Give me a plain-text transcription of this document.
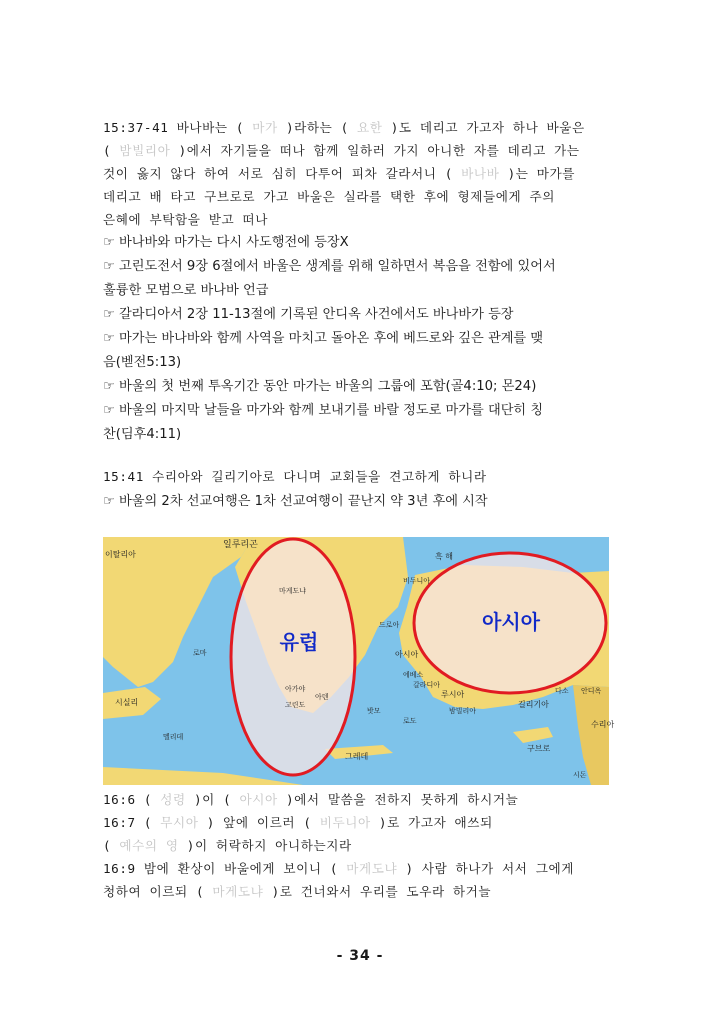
15:37-41 바나바는 ( 마가 )라하는 ( 요한 )도 데리고 가고자 하나 바울은
( 밤빌리아 )에서 자기들을 떠나 함께 일하러 가지 아니한 자를 데리고 가는
것이 옳지 않다 하여 서로 심히 다투어 피차 갈라서니 ( 바나바 )는 마가를
데리고 배 타고 구브로로 가고 바울은 실라를 택한 후에 형제들에게 주의
은혜에 부탁함을 받고 떠나
☞ 바나바와 마가는 다시 사도행전에 등장X
☞ 고린도전서 9장 6절에서 바울은 생계를 위해 일하면서 복음을 전함에 있어서
훌륭한 모범으로 바나바 언급
☞ 갈라디아서 2장 11-13절에 기록된 안디옥 사건에서도 바나바가 등장
☞ 마가는 바나바와 함께 사역을 마치고 돌아온 후에 베드로와 깊은 관계를 맺
음(벧전5:13)
☞ 바울의 첫 번째 투옥기간 동안 마가는 바울의 그룹에 포함(골4:10; 몬24)
☞ 바울의 마지막 날들을 마가와 함께 보내기를 바랄 정도로 마가를 대단히 칭
찬(딤후4:11)
15:41 수리아와 길리기아로 다니며 교회들을 견고하게 하니라
☞ 바울의 2차 선교여행은 1차 선교여행이 끝난지 약 3년 후에 시작
유럽
아시아
일루리곤
이탈리아	흑 해
비두니아
드로아
아시아
시실리
로마
갈라디아
루시아
밤빌리아
길리기아
그레데
구브로
아덴
고린도
마게도냐
아가야	안디옥
멜리데
밧모
다소
로도
에베소
수리아
시돈
16:6 ( 성령 )이 ( 아시아 )에서 말씀을 전하지 못하게 하시거늘
16:7 ( 무시아 ) 앞에 이르러 ( 비두니아 )로 가고자 애쓰되
( 예수의 영 )이 허락하지 아니하는지라
16:9 밤에 환상이 바울에게 보이니 ( 마게도냐 ) 사람 하나가 서서 그에게
청하여 이르되 ( 마게도냐 )로 건너와서 우리를 도우라 하거늘
- 34 -
